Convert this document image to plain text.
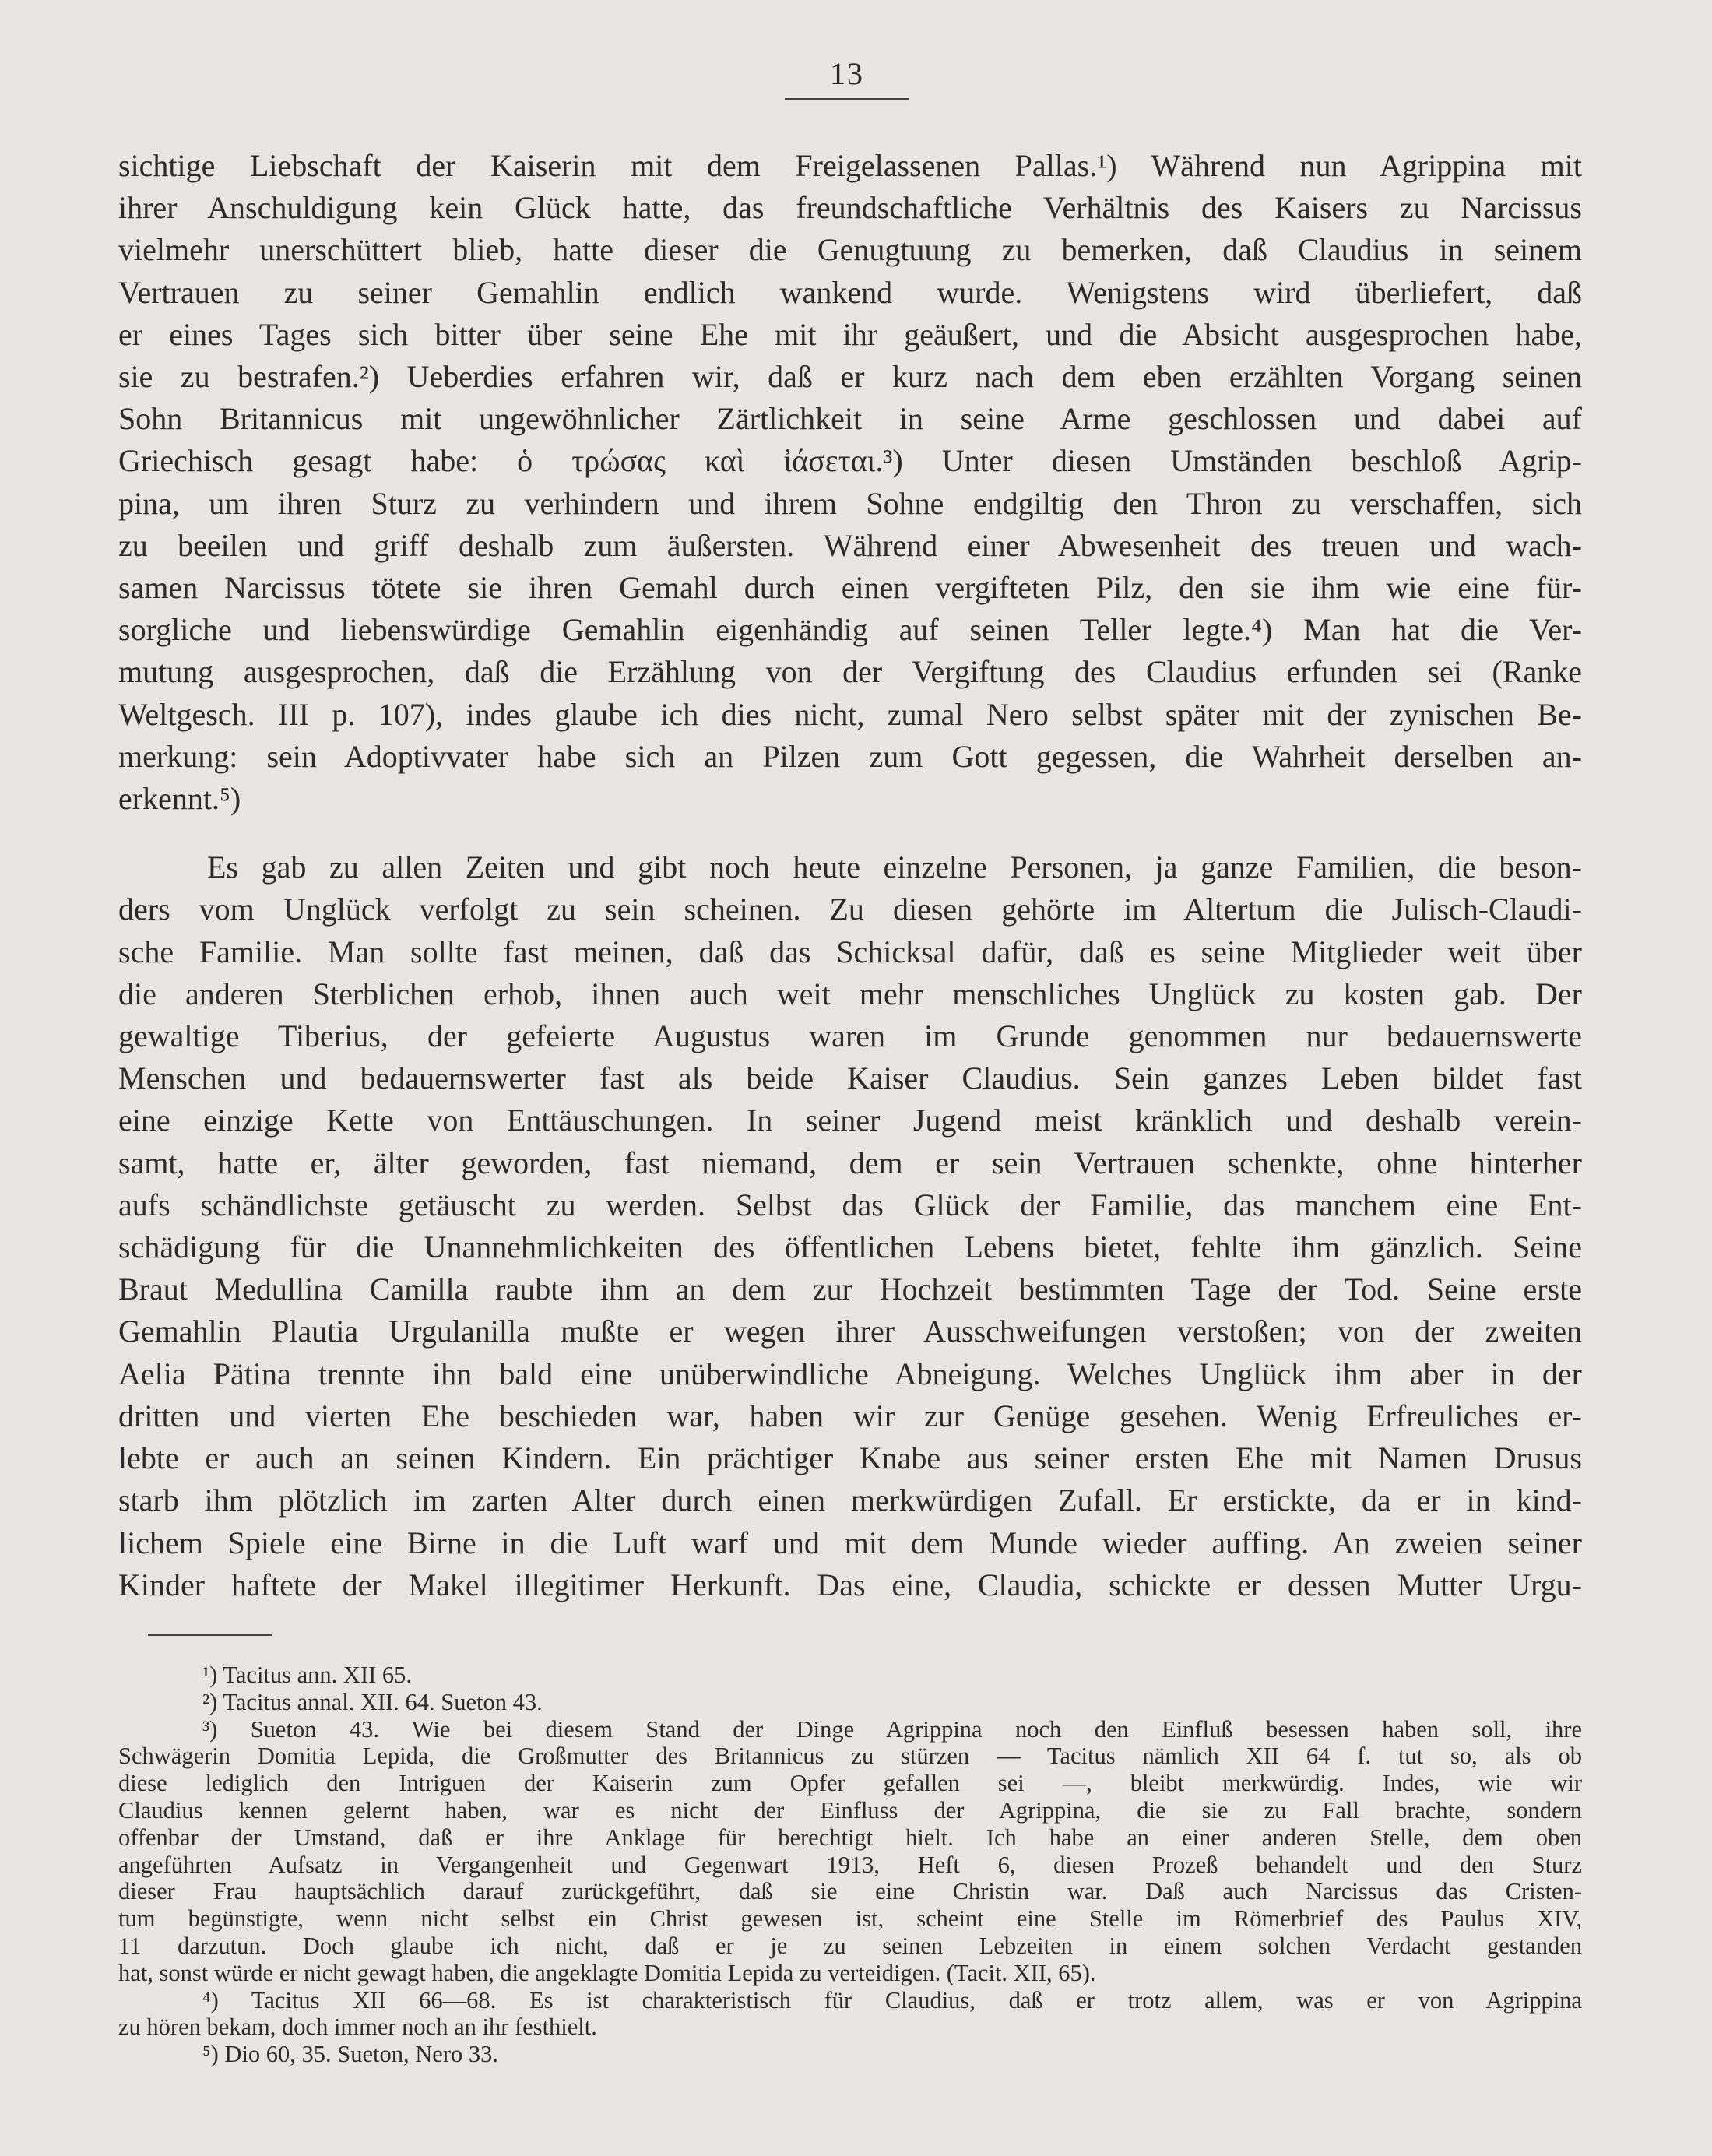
13

sichtige Liebschaft der Kaiserin mit dem Freigelassenen Pallas.¹) Während nun Agrippina mit
ihrer Anschuldigung kein Glück hatte, das freundschaftliche Verhältnis des Kaisers zu Narcissus
vielmehr unerschüttert blieb, hatte dieser die Genugtuung zu bemerken, daß Claudius in seinem
Vertrauen zu seiner Gemahlin endlich wankend wurde. Wenigstens wird überliefert, daß
er eines Tages sich bitter über seine Ehe mit ihr geäußert, und die Absicht ausgesprochen habe,
sie zu bestrafen.²) Ueberdies erfahren wir, daß er kurz nach dem eben erzählten Vorgang seinen
Sohn Britannicus mit ungewöhnlicher Zärtlichkeit in seine Arme geschlossen und dabei auf
Griechisch gesagt habe: ὁ τρώσας καὶ ἰάσεται.³) Unter diesen Umständen beschloß Agrip-
pina, um ihren Sturz zu verhindern und ihrem Sohne endgiltig den Thron zu verschaffen, sich
zu beeilen und griff deshalb zum äußersten. Während einer Abwesenheit des treuen und wach-
samen Narcissus tötete sie ihren Gemahl durch einen vergifteten Pilz, den sie ihm wie eine für-
sorgliche und liebenswürdige Gemahlin eigenhändig auf seinen Teller legte.⁴) Man hat die Ver-
mutung ausgesprochen, daß die Erzählung von der Vergiftung des Claudius erfunden sei (Ranke
Weltgesch. III p. 107), indes glaube ich dies nicht, zumal Nero selbst später mit der zynischen Be-
merkung: sein Adoptivvater habe sich an Pilzen zum Gott gegessen, die Wahrheit derselben an-
erkennt.⁵)

Es gab zu allen Zeiten und gibt noch heute einzelne Personen, ja ganze Familien, die beson-
ders vom Unglück verfolgt zu sein scheinen. Zu diesen gehörte im Altertum die Julisch-Claudi-
sche Familie. Man sollte fast meinen, daß das Schicksal dafür, daß es seine Mitglieder weit über
die anderen Sterblichen erhob, ihnen auch weit mehr menschliches Unglück zu kosten gab. Der
gewaltige Tiberius, der gefeierte Augustus waren im Grunde genommen nur bedauernswerte
Menschen und bedauernswerter fast als beide Kaiser Claudius. Sein ganzes Leben bildet fast
eine einzige Kette von Enttäuschungen. In seiner Jugend meist kränklich und deshalb verein-
samt, hatte er, älter geworden, fast niemand, dem er sein Vertrauen schenkte, ohne hinterher
aufs schändlichste getäuscht zu werden. Selbst das Glück der Familie, das manchem eine Ent-
schädigung für die Unannehmlichkeiten des öffentlichen Lebens bietet, fehlte ihm gänzlich. Seine
Braut Medullina Camilla raubte ihm an dem zur Hochzeit bestimmten Tage der Tod. Seine erste
Gemahlin Plautia Urgulanilla mußte er wegen ihrer Ausschweifungen verstoßen; von der zweiten
Aelia Pätina trennte ihn bald eine unüberwindliche Abneigung. Welches Unglück ihm aber in der
dritten und vierten Ehe beschieden war, haben wir zur Genüge gesehen. Wenig Erfreuliches er-
lebte er auch an seinen Kindern. Ein prächtiger Knabe aus seiner ersten Ehe mit Namen Drusus
starb ihm plötzlich im zarten Alter durch einen merkwürdigen Zufall. Er erstickte, da er in kind-
lichem Spiele eine Birne in die Luft warf und mit dem Munde wieder auffing. An zweien seiner
Kinder haftete der Makel illegitimer Herkunft. Das eine, Claudia, schickte er dessen Mutter Urgu-

¹) Tacitus ann. XII 65.

²) Tacitus annal. XII. 64. Sueton 43.

³) Sueton 43. Wie bei diesem Stand der Dinge Agrippina noch den Einfluß besessen haben soll, ihre
Schwägerin Domitia Lepida, die Großmutter des Britannicus zu stürzen — Tacitus nämlich XII 64 f. tut so, als ob
diese lediglich den Intriguen der Kaiserin zum Opfer gefallen sei —, bleibt merkwürdig. Indes, wie wir
Claudius kennen gelernt haben, war es nicht der Einfluss der Agrippina, die sie zu Fall brachte, sondern
offenbar der Umstand, daß er ihre Anklage für berechtigt hielt. Ich habe an einer anderen Stelle, dem oben
angeführten Aufsatz in Vergangenheit und Gegenwart 1913, Heft 6, diesen Prozeß behandelt und den Sturz
dieser Frau hauptsächlich darauf zurückgeführt, daß sie eine Christin war. Daß auch Narcissus das Cristen-
tum begünstigte, wenn nicht selbst ein Christ gewesen ist, scheint eine Stelle im Römerbrief des Paulus XIV,
11 darzutun. Doch glaube ich nicht, daß er je zu seinen Lebzeiten in einem solchen Verdacht gestanden
hat, sonst würde er nicht gewagt haben, die angeklagte Domitia Lepida zu verteidigen. (Tacit. XII, 65).

⁴) Tacitus XII 66—68. Es ist charakteristisch für Claudius, daß er trotz allem, was er von Agrippina
zu hören bekam, doch immer noch an ihr festhielt.

⁵) Dio 60, 35. Sueton, Nero 33.
